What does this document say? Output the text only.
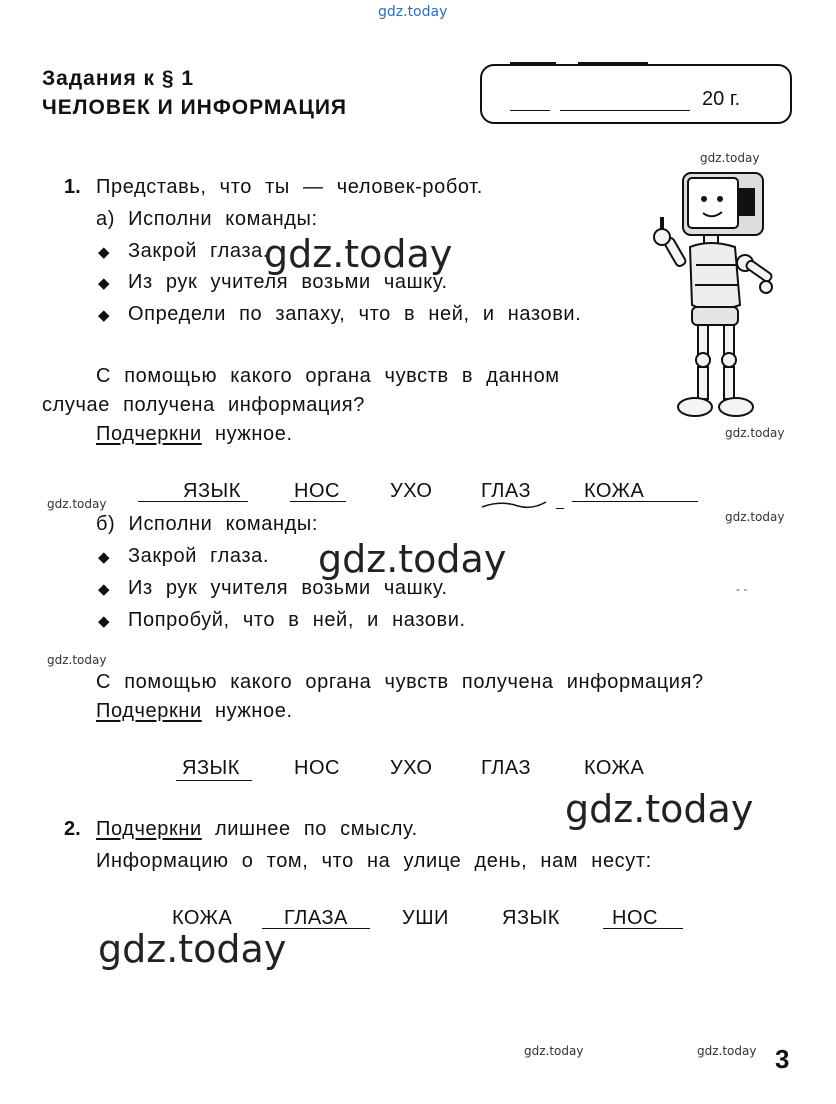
gdz.today
Задания к § 1
ЧЕЛОВЕК И ИНФОРМАЦИЯ	20 г.
gdz.today
gdz.today
gdz.today
gdz.today
gdz.today
gdz.today	gdz.today
1. Представь, что ты — человек-робот.
а) Исполни команды:
◆ Закрой глаза.
◆ Из рук учителя возьми чашку.
◆ Определи по запаху, что в ней, и назови.
gdz.today
С помощью какого органа чувств в данном
случае получена информация?
Подчеркни нужное.
ЯЗЫК	НОС	УХО ГЛАЗ	КОЖА
б) Исполни команды:
◆ Закрой глаза.
◆ Из рук учителя возьми чашку.
◆ Попробуй, что в ней, и назови.
gdz.today
- -
С помощью какого органа чувств получена информация?
Подчеркни нужное.
ЯЗЫК	НОС	УХО ГЛАЗ	КОЖА
gdz.today
2. Подчеркни лишнее по смыслу.
Информацию о том, что на улице день, нам несут:
КОЖА	ГЛАЗА	УШИ	ЯЗЫК	НОС
gdz.today
3
